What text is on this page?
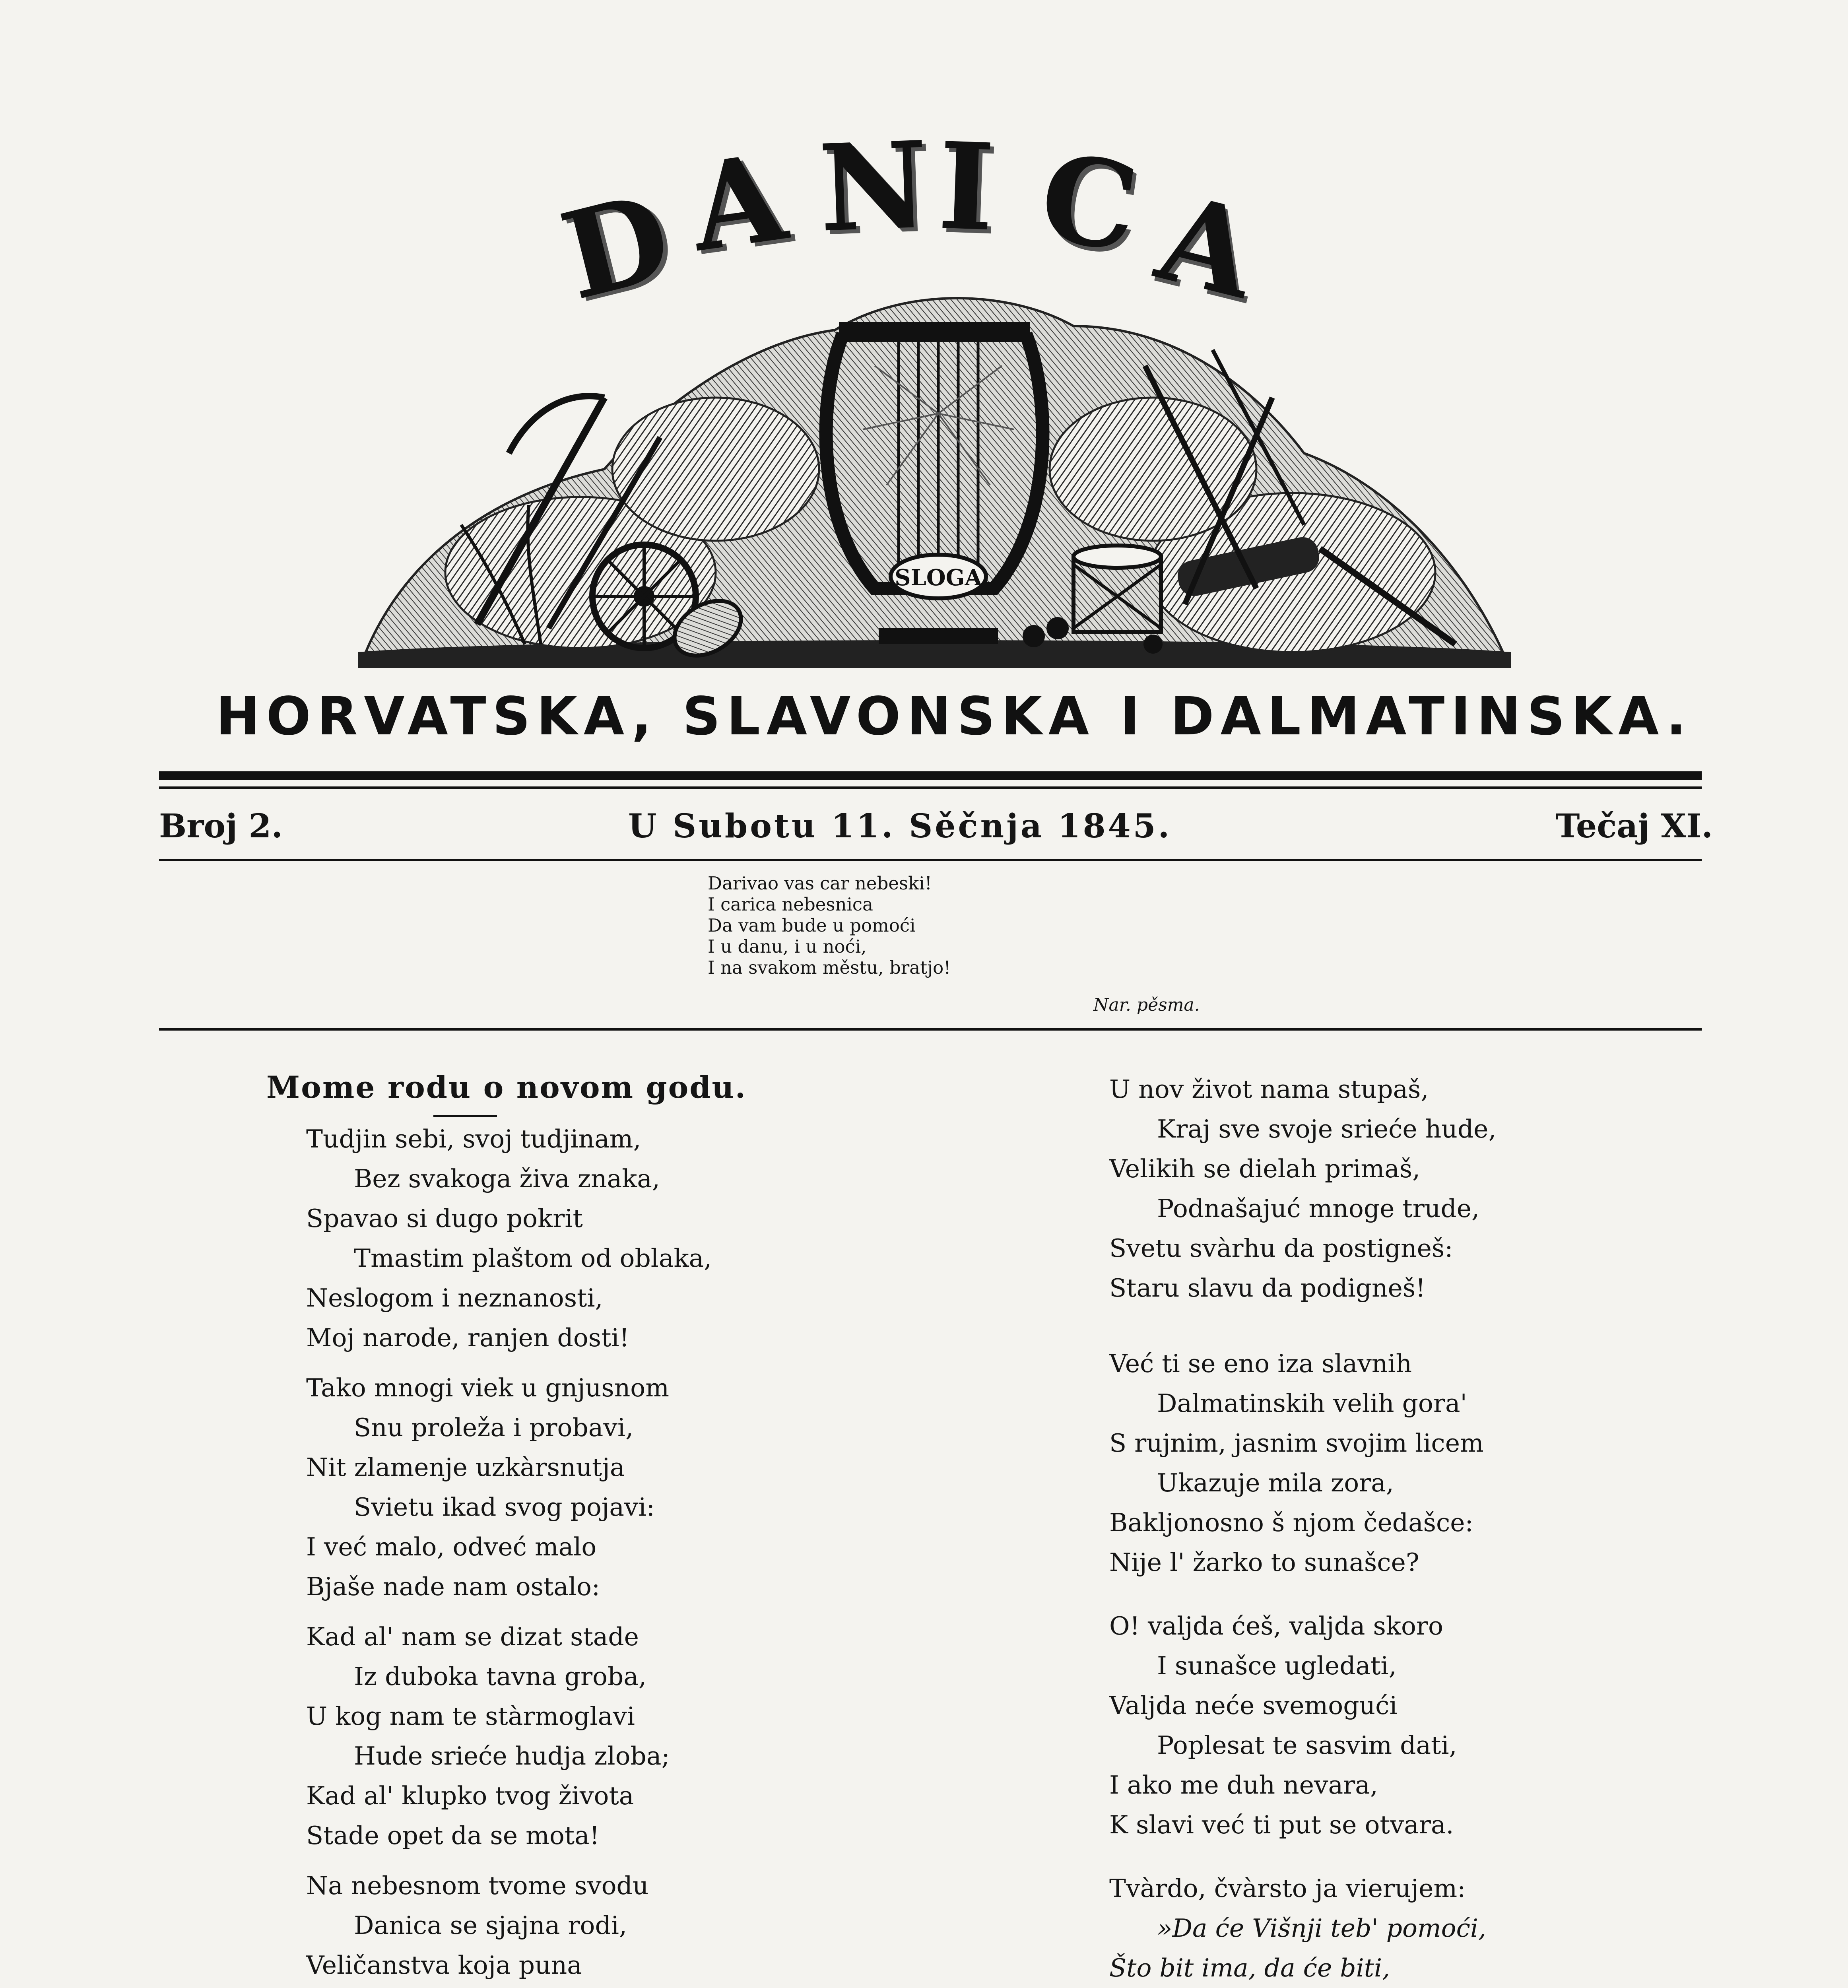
D
A N I C
A
SLOGA
HORVATSKA, SLAVONSKA I DALMATINSKA.
Broj 2.	U Subotu 11. Sěčnja 1845.	Tečaj XI.
Darivao vas car nebeski!
I carica nebesnica
Da vam bude u pomoći
I u danu, i u noći,
I na svakom městu, bratjo!
Nar. pěsma.
Mome rodu o novom godu.
Tudjin sebi, svoj tudjinam,
Bez svakoga živa znaka,
Spavao si dugo pokrit
Tmastim plaštom od oblaka,
Neslogom i neznanosti,
Moj narode, ranjen dosti!
Tako mnogi viek u gnjusnom
Snu proleža i probavi,
Nit zlamenje uzkàrsnutja
Svietu ikad svog pojavi:
I već malo, odveć malo
Bjaše nade nam ostalo:
Kad al' nam se dizat stade
Iz duboka tavna groba,
U kog nam te stàrmoglavi
Hude srieće hudja zloba;
Kad al' klupko tvog života
Stade opet da se mota!
Na nebesnom tvome svodu
Danica se sjajna rodi,
Veličanstva koja puna
U nov život nama stupaš,
Kraj sve svoje srieće hude,
Velikih se dielah primaš,
Podnašajuć mnoge trude,
Svetu svàrhu da postigneš:
Staru slavu da podigneš!
Već ti se eno iza slavnih
Dalmatinskih velih gora'
S rujnim, jasnim svojim licem
Ukazuje mila zora,
Bakljonosno š njom čedašce:
Nije l' žarko to sunašce?
O! valjda ćeš, valjda skoro
I sunašce ugledati,
Valjda neće svemogući
Poplesat te sasvim dati,
I ako me duh nevara,
K slavi već ti put se otvara.
Tvàrdo, čvàrsto ja vierujem:
»Da će Višnji teb' pomoći,
Što bit ima, da će biti,
